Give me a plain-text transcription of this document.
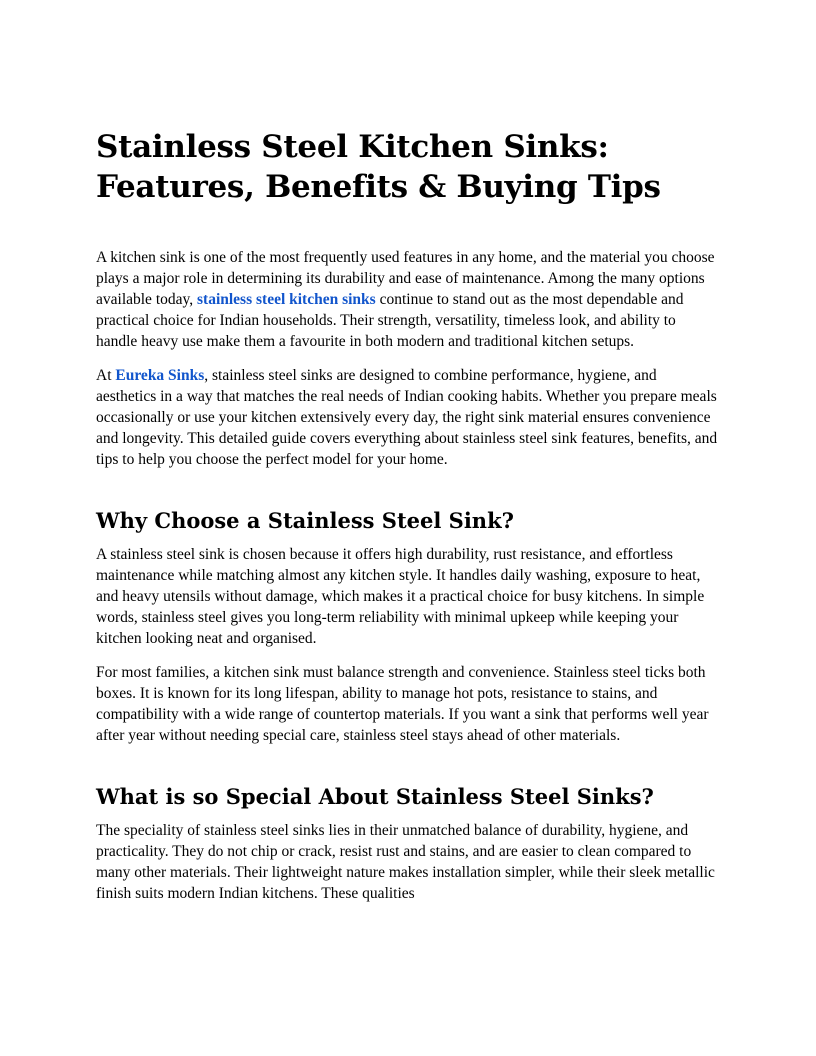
Stainless Steel Kitchen Sinks: Features, Benefits & Buying Tips

A kitchen sink is one of the most frequently used features in any home, and the material you choose plays a major role in determining its durability and ease of maintenance. Among the many options available today, stainless steel kitchen sinks continue to stand out as the most dependable and practical choice for Indian households. Their strength, versatility, timeless look, and ability to handle heavy use make them a favourite in both modern and traditional kitchen setups.

At Eureka Sinks, stainless steel sinks are designed to combine performance, hygiene, and aesthetics in a way that matches the real needs of Indian cooking habits. Whether you prepare meals occasionally or use your kitchen extensively every day, the right sink material ensures convenience and longevity. This detailed guide covers everything about stainless steel sink features, benefits, and tips to help you choose the perfect model for your home.

Why Choose a Stainless Steel Sink?

A stainless steel sink is chosen because it offers high durability, rust resistance, and effortless maintenance while matching almost any kitchen style. It handles daily washing, exposure to heat, and heavy utensils without damage, which makes it a practical choice for busy kitchens. In simple words, stainless steel gives you long-term reliability with minimal upkeep while keeping your kitchen looking neat and organised.

For most families, a kitchen sink must balance strength and convenience. Stainless steel ticks both boxes. It is known for its long lifespan, ability to manage hot pots, resistance to stains, and compatibility with a wide range of countertop materials. If you want a sink that performs well year after year without needing special care, stainless steel stays ahead of other materials.

What is so Special About Stainless Steel Sinks?

The speciality of stainless steel sinks lies in their unmatched balance of durability, hygiene, and practicality. They do not chip or crack, resist rust and stains, and are easier to clean compared to many other materials. Their lightweight nature makes installation simpler, while their sleek metallic finish suits modern Indian kitchens. These qualities
